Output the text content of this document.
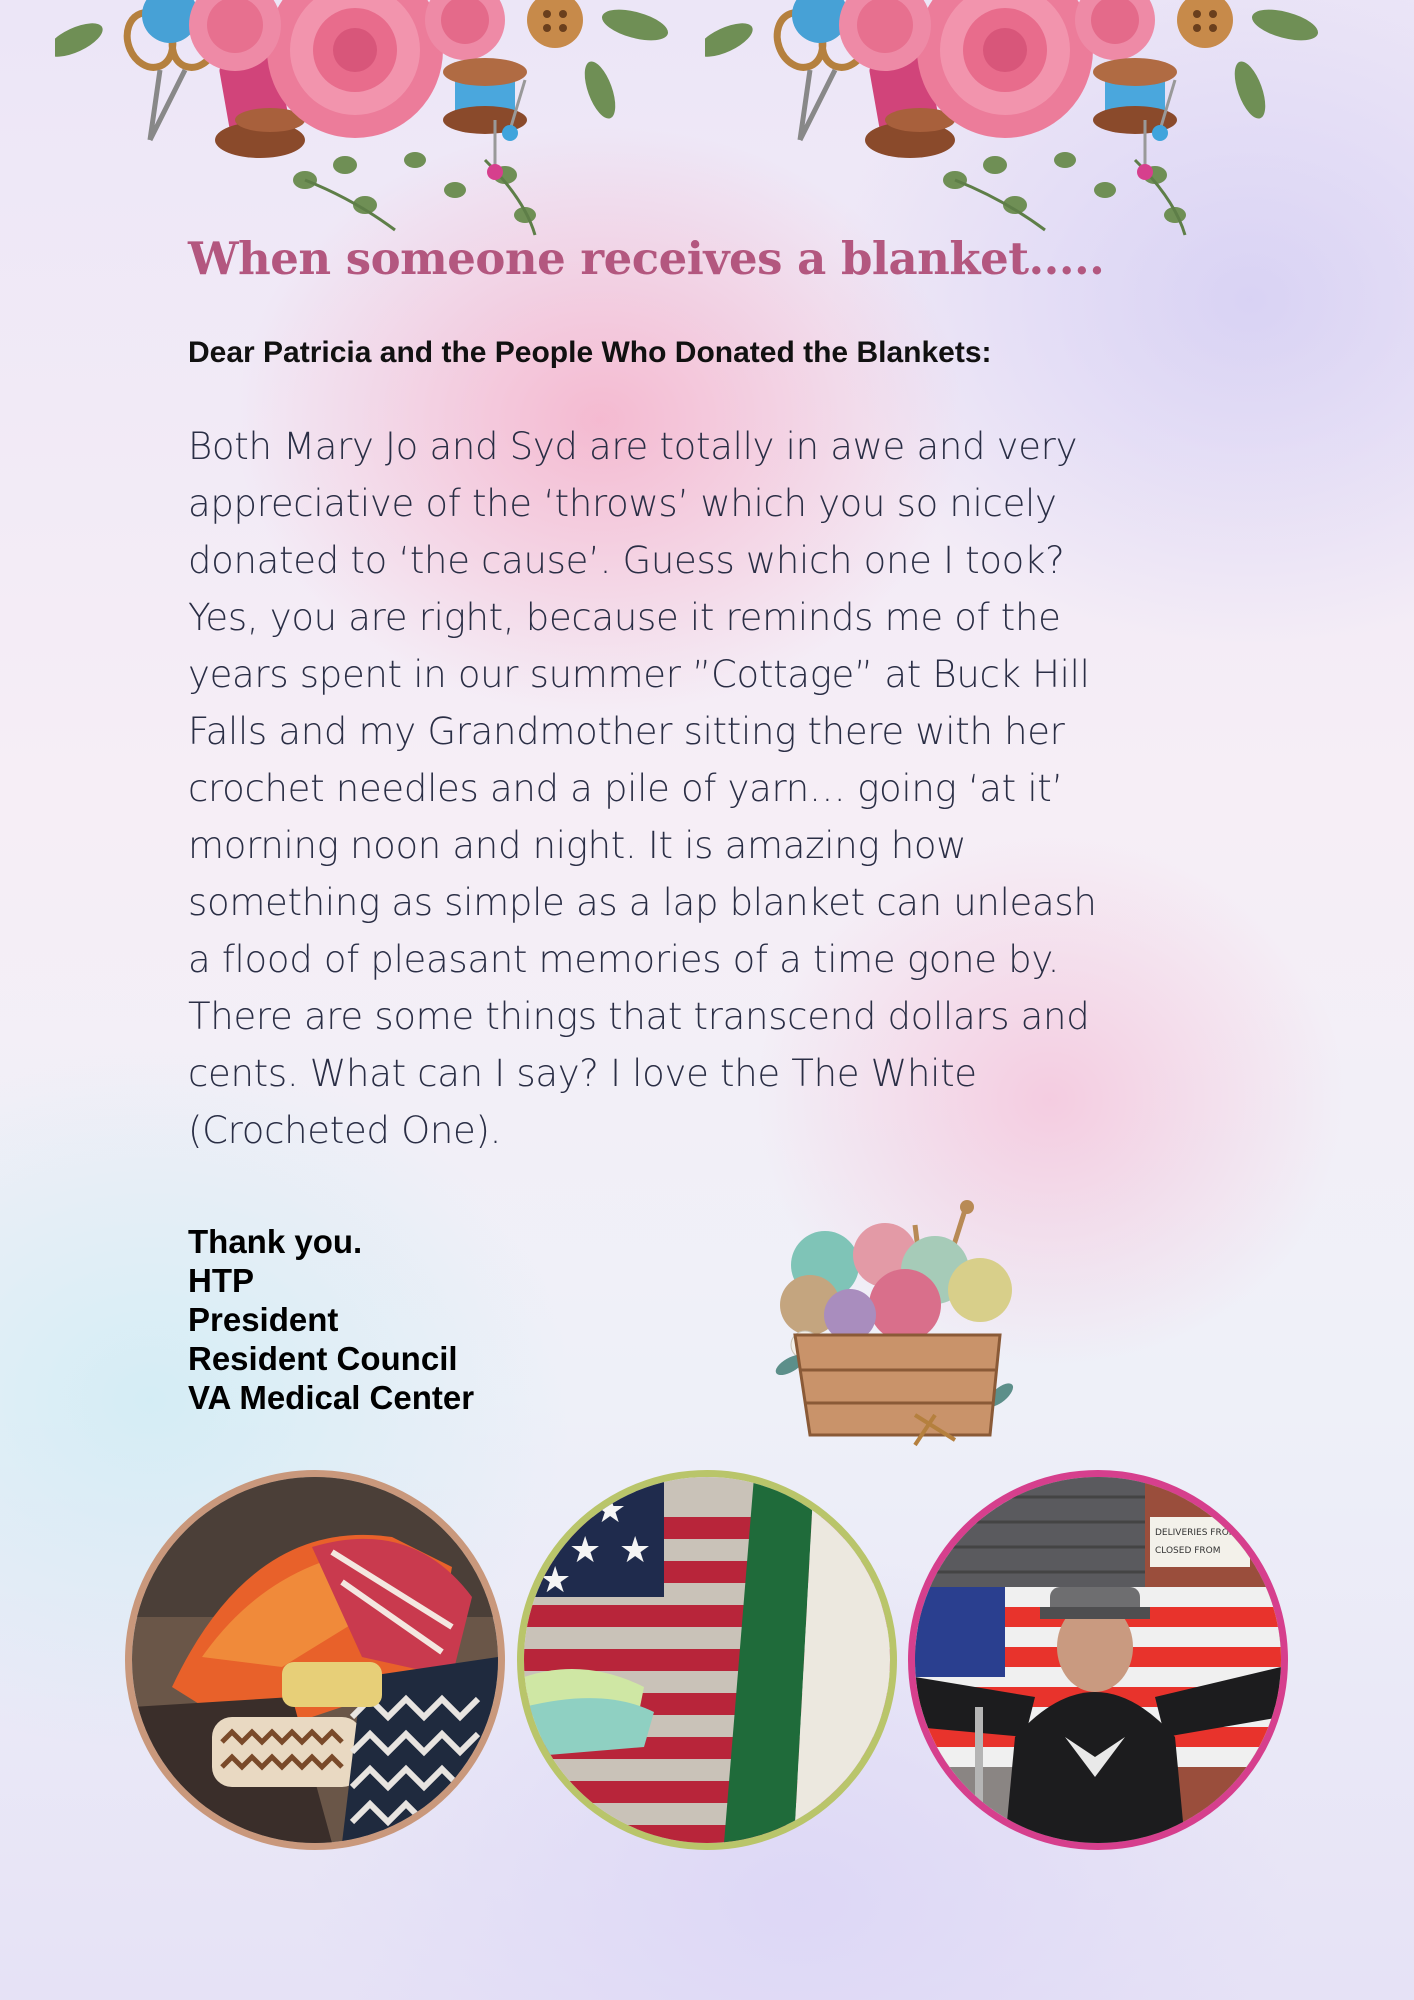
When someone receives a blanket.....
Dear Patricia and the People Who Donated the Blankets:
Both Mary Jo and Syd are totally in awe and very
appreciative of the ‘throws’ which you so nicely
donated to ‘the cause’. Guess which one I took?
Yes, you are right, because it reminds me of the
years spent in our summer ”Cottage” at Buck Hill
Falls and my Grandmother sitting there with her
crochet needles and a pile of yarn… going ‘at it’
morning noon and night. It is amazing how
something as simple as a lap blanket can unleash
a flood of pleasant memories of a time gone by.
There are some things that transcend dollars and
cents. What can I say? I love the The White
(Crocheted One).
Thank you.
HTP
President
Resident Council
VA Medical Center
★ ★
★ ★
★
DELIVERIES FROM
CLOSED FROM
